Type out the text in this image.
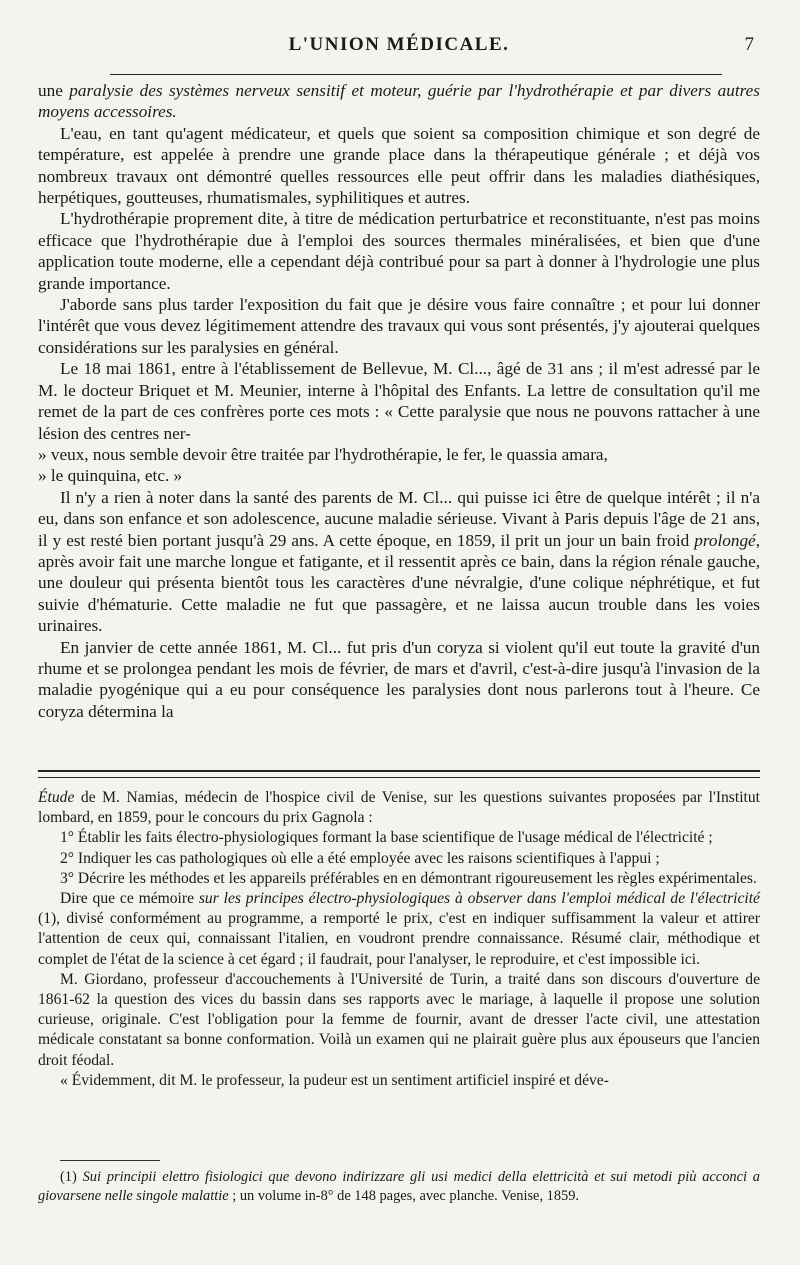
L'UNION MÉDICALE.	7

une paralysie des systèmes nerveux sensitif et moteur, guérie par l'hydrothérapie et par divers autres moyens accessoires.

L'eau, en tant qu'agent médicateur, et quels que soient sa composition chimique et son degré de température, est appelée à prendre une grande place dans la thérapeutique générale ; et déjà vos nombreux travaux ont démontré quelles ressources elle peut offrir dans les maladies diathésiques, herpétiques, goutteuses, rhumatismales, syphilitiques et autres.

L'hydrothérapie proprement dite, à titre de médication perturbatrice et reconstituante, n'est pas moins efficace que l'hydrothérapie due à l'emploi des sources thermales minéralisées, et bien que d'une application toute moderne, elle a cependant déjà contribué pour sa part à donner à l'hydrologie une plus grande importance.

J'aborde sans plus tarder l'exposition du fait que je désire vous faire connaître ; et pour lui donner l'intérêt que vous devez légitimement attendre des travaux qui vous sont présentés, j'y ajouterai quelques considérations sur les paralysies en général.

Le 18 mai 1861, entre à l'établissement de Bellevue, M. Cl..., âgé de 31 ans ; il m'est adressé par le M. le docteur Briquet et M. Meunier, interne à l'hôpital des Enfants. La lettre de consultation qu'il me remet de la part de ces confrères porte ces mots : « Cette paralysie que nous ne pouvons rattacher à une lésion des centres ner-

» veux, nous semble devoir être traitée par l'hydrothérapie, le fer, le quassia amara,

» le quinquina, etc. »

Il n'y a rien à noter dans la santé des parents de M. Cl... qui puisse ici être de quelque intérêt ; il n'a eu, dans son enfance et son adolescence, aucune maladie sérieuse. Vivant à Paris depuis l'âge de 21 ans, il y est resté bien portant jusqu'à 29 ans. A cette époque, en 1859, il prit un jour un bain froid prolongé, après avoir fait une marche longue et fatigante, et il ressentit après ce bain, dans la région rénale gauche, une douleur qui présenta bientôt tous les caractères d'une névralgie, d'une colique néphrétique, et fut suivie d'hématurie. Cette maladie ne fut que passagère, et ne laissa aucun trouble dans les voies urinaires.

En janvier de cette année 1861, M. Cl... fut pris d'un coryza si violent qu'il eut toute la gravité d'un rhume et se prolongea pendant les mois de février, de mars et d'avril, c'est-à-dire jusqu'à l'invasion de la maladie pyogénique qui a eu pour conséquence les paralysies dont nous parlerons tout à l'heure. Ce coryza détermina la

Étude de M. Namias, médecin de l'hospice civil de Venise, sur les questions suivantes proposées par l'Institut lombard, en 1859, pour le concours du prix Gagnola :

1° Établir les faits électro-physiologiques formant la base scientifique de l'usage médical de l'électricité ;

2° Indiquer les cas pathologiques où elle a été employée avec les raisons scientifiques à l'appui ;

3° Décrire les méthodes et les appareils préférables en en démontrant rigoureusement les règles expérimentales.

Dire que ce mémoire sur les principes électro-physiologiques à observer dans l'emploi médical de l'électricité (1), divisé conformément au programme, a remporté le prix, c'est en indiquer suffisamment la valeur et attirer l'attention de ceux qui, connaissant l'italien, en voudront prendre connaissance. Résumé clair, méthodique et complet de l'état de la science à cet égard ; il faudrait, pour l'analyser, le reproduire, et c'est impossible ici.

M. Giordano, professeur d'accouchements à l'Université de Turin, a traité dans son discours d'ouverture de 1861-62 la question des vices du bassin dans ses rapports avec le mariage, à laquelle il propose une solution curieuse, originale. C'est l'obligation pour la femme de fournir, avant de dresser l'acte civil, une attestation médicale constatant sa bonne conformation. Voilà un examen qui ne plairait guère plus aux épouseurs que l'ancien droit féodal.

« Évidemment, dit M. le professeur, la pudeur est un sentiment artificiel inspiré et déve-

(1) Sui principii elettro fisiologici que devono indirizzare gli usi medici della elettricità et sui metodi più acconci a giovarsene nelle singole malattie ; un volume in-8° de 148 pages, avec planche. Venise, 1859.
